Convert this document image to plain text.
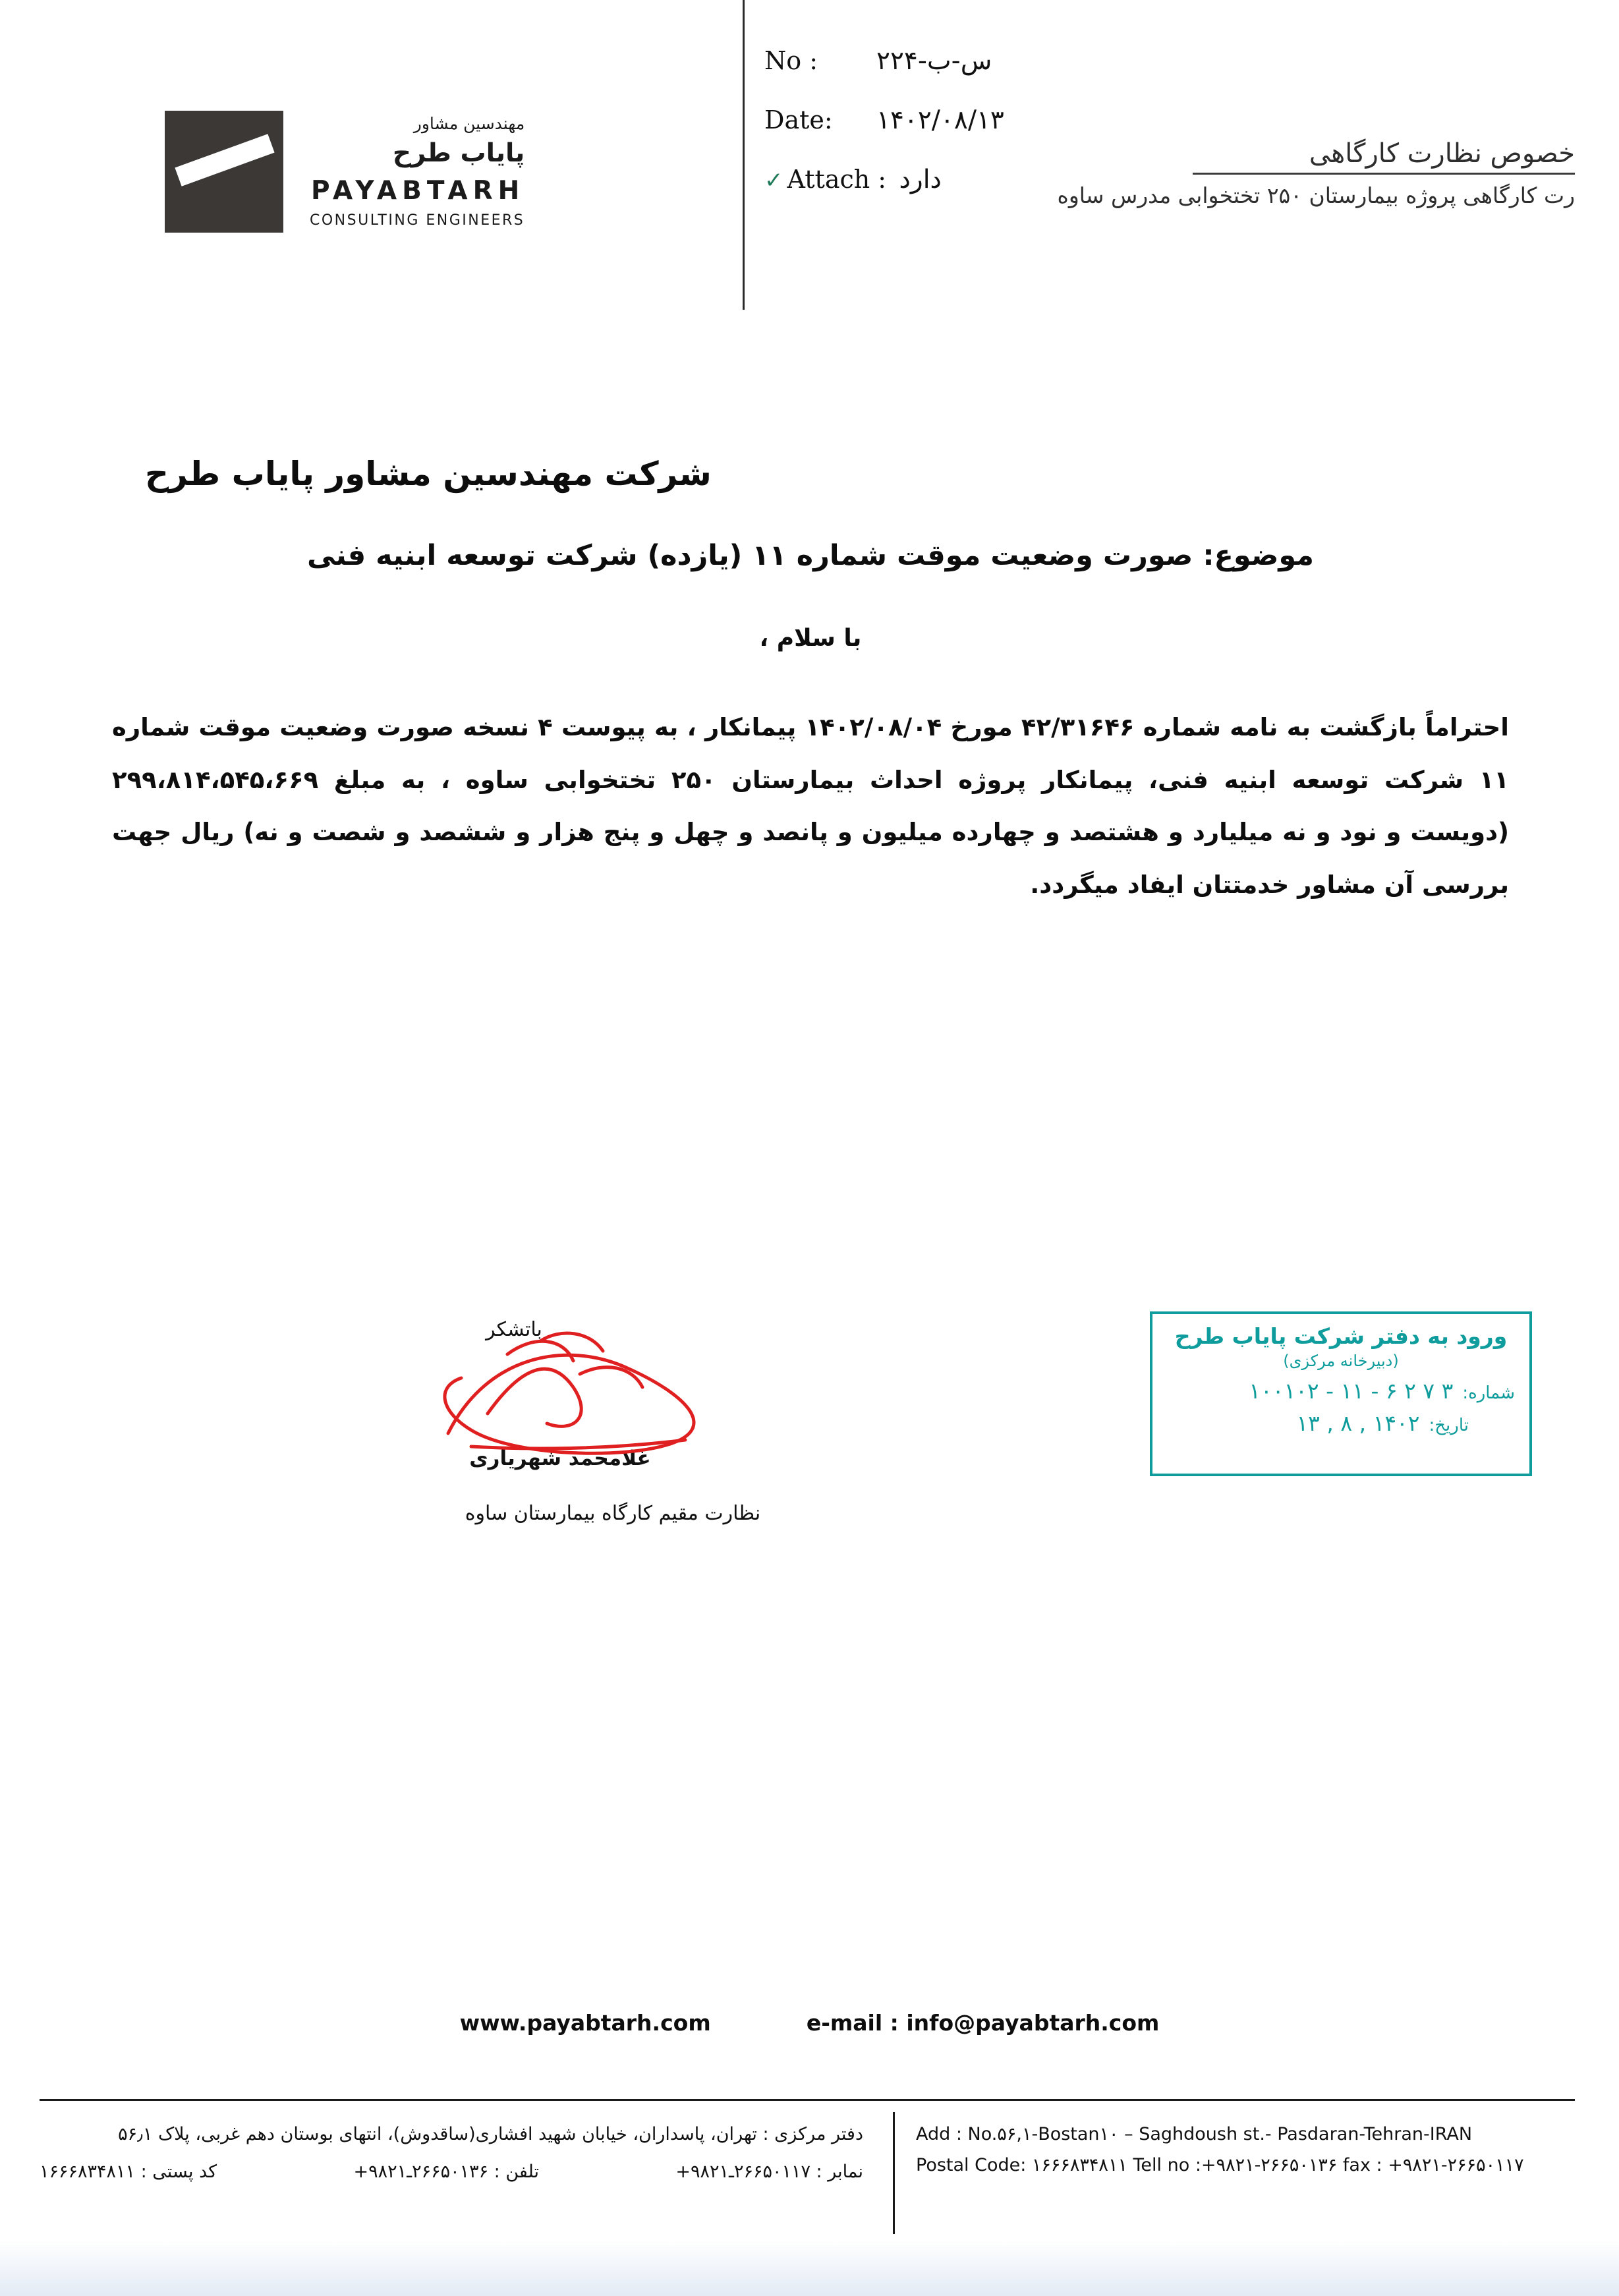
مهندسین مشاور
پایاب طرح
PAYABTARH
CONSULTING ENGINEERS
No :	۲۲۴-س-ب
Date:	۱۴۰۲/۰۸/۱۳
✓ Attach : دارد
خصوص نظارت کارگاهی
رت کارگاهی پروژه بیمارستان ۲۵۰ تختخوابی مدرس ساوه
شرکت مهندسین مشاور پایاب طرح
موضوع: صورت وضعیت موقت شماره ۱۱ (یازده) شرکت توسعه ابنیه فنی
با سلام ،
احتراماً بازگشت به نامه شماره ۴۲/۳۱۶۴۶ مورخ ۱۴۰۲/۰۸/۰۴ پیمانکار ، به پیوست ۴ نسخه صورت وضعیت موقت شماره ۱۱ شرکت توسعه ابنیه فنی، پیمانکار پروژه احداث بیمارستان ۲۵۰ تختخوابی ساوه ، به مبلغ ۲۹۹،۸۱۴،۵۴۵،۶۶۹ (دویست و نود و نه میلیارد و هشتصد و چهارده میلیون و پانصد و چهل و پنج هزار و ششصد و شصت و نه) ریال جهت بررسی آن مشاور خدمتتان ایفاد میگردد.
باتشکر
غلامحمد شهریاری
نظارت مقیم کارگاه بیمارستان ساوه
ورود به دفتر شرکت پایاب طرح
(دبیرخانه مرکزی)
شماره:
۳ ۷ ۲ ۶ - ۱۱ - ۱۰۰۱۰۲
تاریخ:
۱۴۰۲ , ۸ , ۱۳
www.payabtarh.com	e-mail : info@payabtarh.com
Add : No.۵۶,۱-Bostan۱۰ – Saghdoush st.- Pasdaran-Tehran-IRAN
Postal Code: ۱۶۶۶۸۳۴۸۱۱ Tell no :+۹۸۲۱-۲۶۶۵۰۱۳۶ fax : +۹۸۲۱-۲۶۶۵۰۱۱۷
دفتر مرکزی : تهران، پاسداران، خیابان شهید افشاری(ساقدوش)، انتهای بوستان دهم غربی، پلاک ۵۶٫۱
نمابر : ۲۶۶۵۰۱۱۷ـ۹۸۲۱+
تلفن : ۲۶۶۵۰۱۳۶ـ۹۸۲۱+
کد پستی : ۱۶۶۶۸۳۴۸۱۱
